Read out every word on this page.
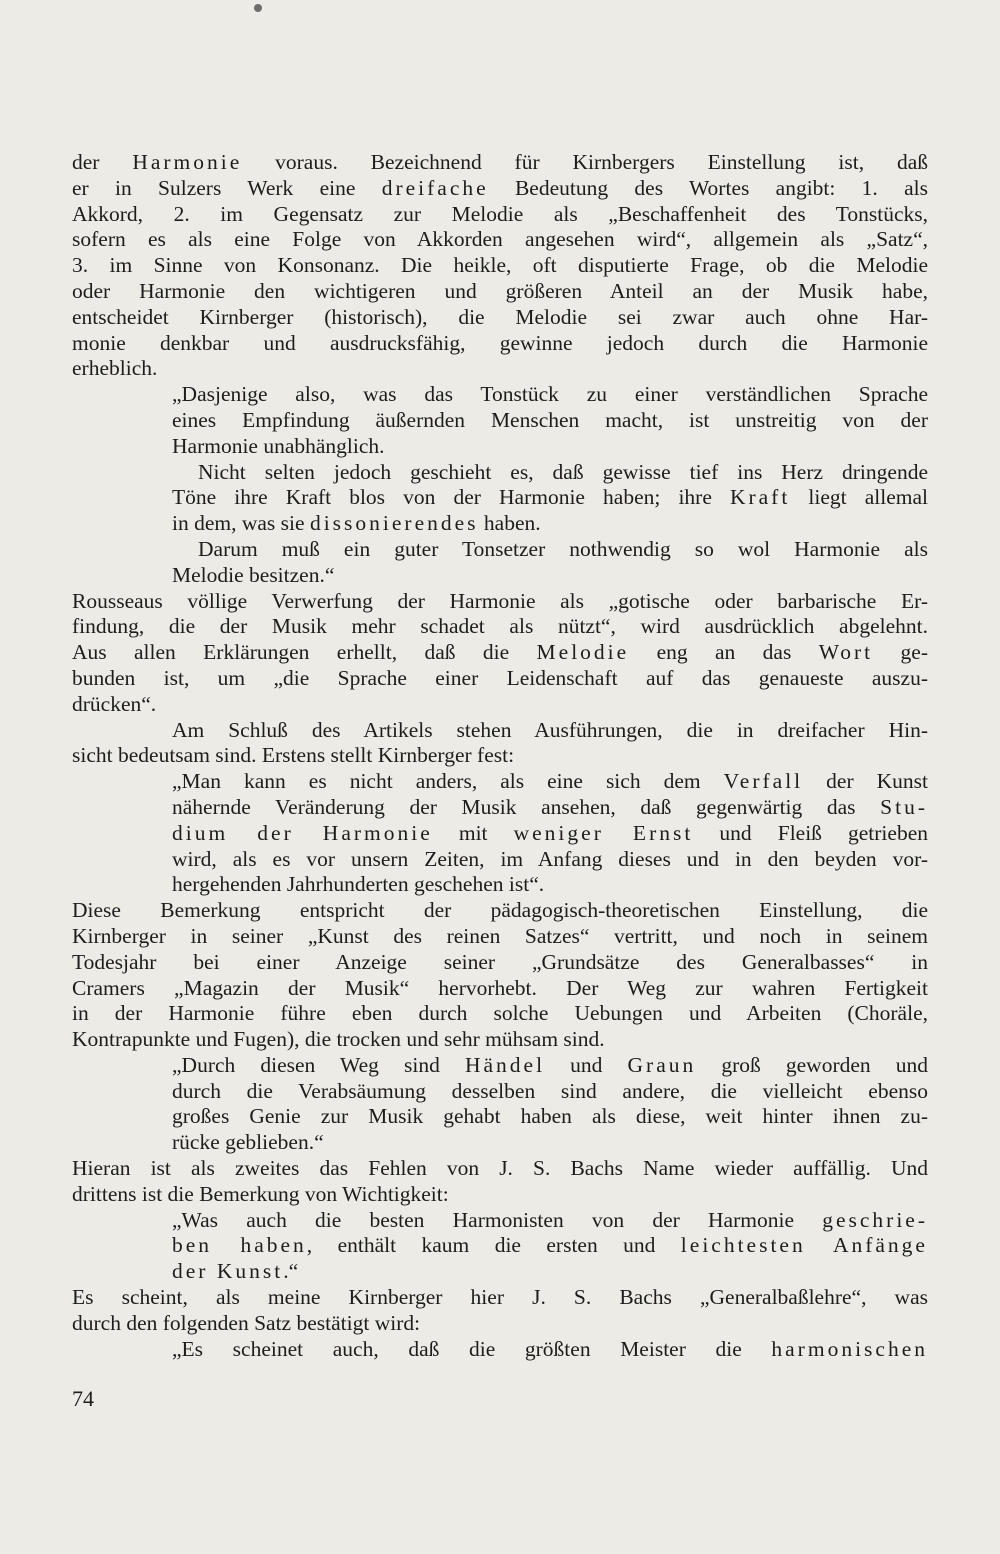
der Harmonie voraus. Bezeichnend für Kirnbergers Einstellung ist, daß
er in Sulzers Werk eine dreifache Bedeutung des Wortes angibt: 1. als
Akkord, 2. im Gegensatz zur Melodie als „Beschaffenheit des Tonstücks,
sofern es als eine Folge von Akkorden angesehen wird“, allgemein als „Satz“,
3. im Sinne von Konsonanz. Die heikle, oft disputierte Frage, ob die Melodie
oder Harmonie den wichtigeren und größeren Anteil an der Musik habe,
entscheidet Kirnberger (historisch), die Melodie sei zwar auch ohne Har-
monie denkbar und ausdrucksfähig, gewinne jedoch durch die Harmonie
erheblich.
„Dasjenige also, was das Tonstück zu einer verständlichen Sprache
eines Empfindung äußernden Menschen macht, ist unstreitig von der
Harmonie unabhänglich.
Nicht selten jedoch geschieht es, daß gewisse tief ins Herz dringende
Töne ihre Kraft blos von der Harmonie haben; ihre Kraft liegt allemal
in dem, was sie dissonierendes haben.
Darum muß ein guter Tonsetzer nothwendig so wol Harmonie als
Melodie besitzen.“
Rousseaus völlige Verwerfung der Harmonie als „gotische oder barbarische Er-
findung, die der Musik mehr schadet als nützt“, wird ausdrücklich abgelehnt.
Aus allen Erklärungen erhellt, daß die Melodie eng an das Wort ge-
bunden ist, um „die Sprache einer Leidenschaft auf das genaueste auszu-
drücken“.
Am Schluß des Artikels stehen Ausführungen, die in dreifacher Hin-
sicht bedeutsam sind. Erstens stellt Kirnberger fest:
„Man kann es nicht anders, als eine sich dem Verfall der Kunst
nähernde Veränderung der Musik ansehen, daß gegenwärtig das Stu-
dium der Harmonie mit weniger Ernst und Fleiß getrieben
wird, als es vor unsern Zeiten, im Anfang dieses und in den beyden vor-
hergehenden Jahrhunderten geschehen ist“.
Diese Bemerkung entspricht der pädagogisch-theoretischen Einstellung, die
Kirnberger in seiner „Kunst des reinen Satzes“ vertritt, und noch in seinem
Todesjahr bei einer Anzeige seiner „Grundsätze des Generalbasses“ in
Cramers „Magazin der Musik“ hervorhebt. Der Weg zur wahren Fertigkeit
in der Harmonie führe eben durch solche Uebungen und Arbeiten (Choräle,
Kontrapunkte und Fugen), die trocken und sehr mühsam sind.
„Durch diesen Weg sind Händel und Graun groß geworden und
durch die Verabsäumung desselben sind andere, die vielleicht ebenso
großes Genie zur Musik gehabt haben als diese, weit hinter ihnen zu-
rücke geblieben.“
Hieran ist als zweites das Fehlen von J. S. Bachs Name wieder auffällig. Und
drittens ist die Bemerkung von Wichtigkeit:
„Was auch die besten Harmonisten von der Harmonie geschrie-
ben haben, enthält kaum die ersten und leichtesten Anfänge
der Kunst.“
Es scheint, als meine Kirnberger hier J. S. Bachs „Generalbaßlehre“, was
durch den folgenden Satz bestätigt wird:
„Es scheinet auch, daß die größten Meister die harmonischen
74
